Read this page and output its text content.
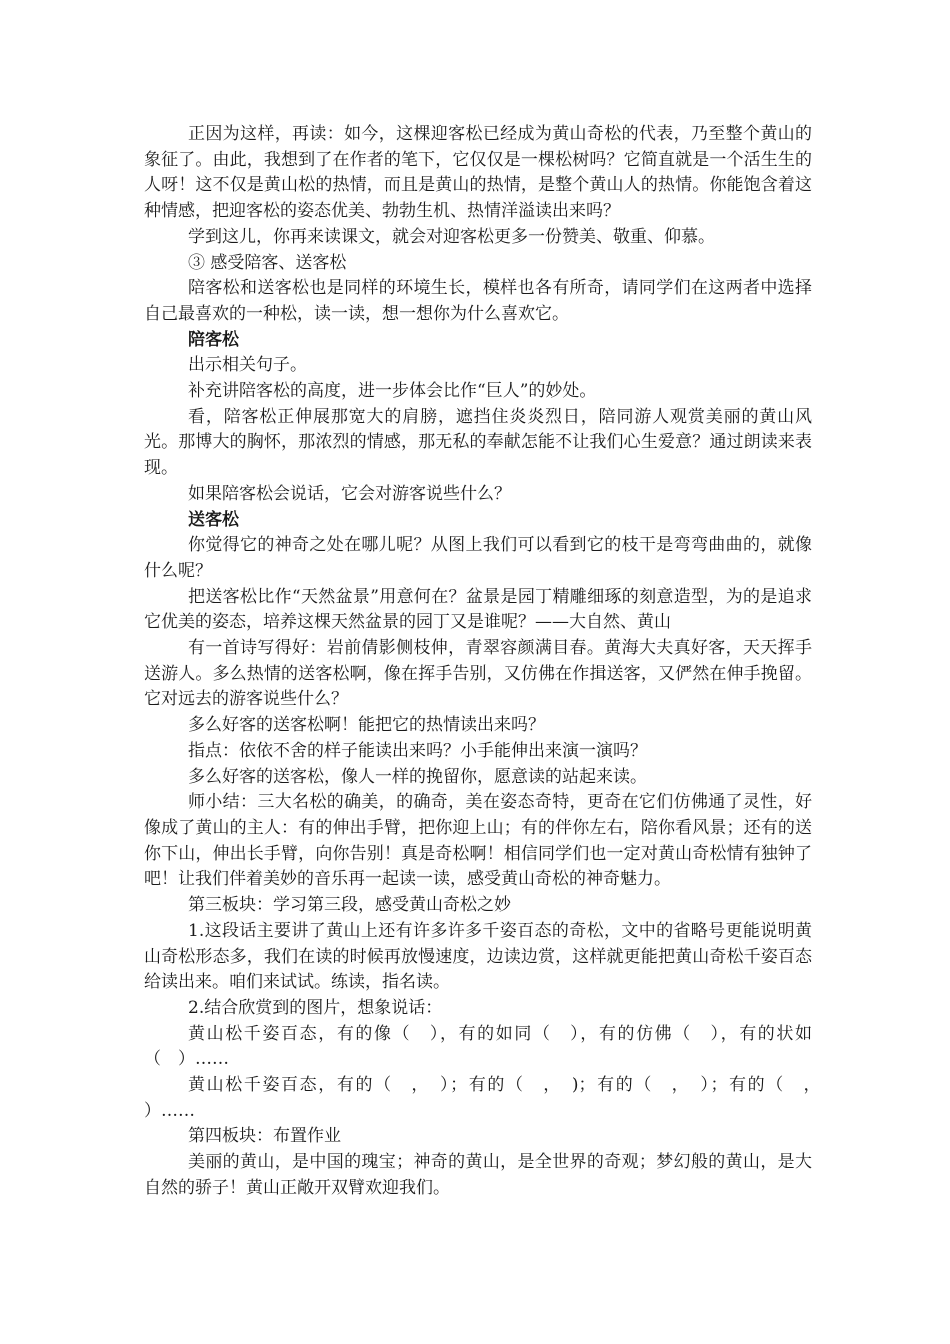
正因为这样，再读：如今，这棵迎客松已经成为黄山奇松的代表，乃至整个黄山的象征了。由此，我想到了在作者的笔下，它仅仅是一棵松树吗？它简直就是一个活生生的人呀！这不仅是黄山松的热情，而且是黄山的热情，是整个黄山人的热情。你能饱含着这种情感，把迎客松的姿态优美、勃勃生机、热情洋溢读出来吗？

学到这儿，你再来读课文，就会对迎客松更多一份赞美、敬重、仰慕。

③ 感受陪客、送客松

陪客松和送客松也是同样的环境生长，模样也各有所奇，请同学们在这两者中选择自己最喜欢的一种松，读一读，想一想你为什么喜欢它。

陪客松

出示相关句子。

补充讲陪客松的高度，进一步体会比作“巨人”的妙处。

看，陪客松正伸展那宽大的肩膀，遮挡住炎炎烈日，陪同游人观赏美丽的黄山风光。那博大的胸怀，那浓烈的情感，那无私的奉献怎能不让我们心生爱意？通过朗读来表现。

如果陪客松会说话，它会对游客说些什么？

送客松

你觉得它的神奇之处在哪儿呢？从图上我们可以看到它的枝干是弯弯曲曲的，就像什么呢？

把送客松比作“天然盆景”用意何在？盆景是园丁精雕细琢的刻意造型，为的是追求它优美的姿态，培养这棵天然盆景的园丁又是谁呢？——大自然、黄山

有一首诗写得好：岩前倩影侧枝伸，青翠容颜满目春。黄海大夫真好客，天天挥手送游人。多么热情的送客松啊，像在挥手告别，又仿佛在作揖送客，又俨然在伸手挽留。它对远去的游客说些什么？

多么好客的送客松啊！能把它的热情读出来吗？

指点：依依不舍的样子能读出来吗？小手能伸出来演一演吗？

多么好客的送客松，像人一样的挽留你，愿意读的站起来读。

师小结：三大名松的确美，的确奇，美在姿态奇特，更奇在它们仿佛通了灵性，好像成了黄山的主人：有的伸出手臂，把你迎上山；有的伴你左右，陪你看风景；还有的送你下山，伸出长手臂，向你告别！真是奇松啊！相信同学们也一定对黄山奇松情有独钟了吧！让我们伴着美妙的音乐再一起读一读，感受黄山奇松的神奇魅力。

第三板块：学习第三段，感受黄山奇松之妙

1.这段话主要讲了黄山上还有许多许多千姿百态的奇松，文中的省略号更能说明黄山奇松形态多，我们在读的时候再放慢速度，边读边赏，这样就更能把黄山奇松千姿百态给读出来。咱们来试试。练读，指名读。

2.结合欣赏到的图片，想象说话：

黄山松千姿百态，有的像（　），有的如同（　），有的仿佛（　），有的状如（　）……

黄山松千姿百态，有的（　，　）；有的（　，　)；有的（　，　）；有的（　，　）……

第四板块：布置作业

美丽的黄山，是中国的瑰宝；神奇的黄山，是全世界的奇观；梦幻般的黄山，是大自然的骄子！黄山正敞开双臂欢迎我们。
